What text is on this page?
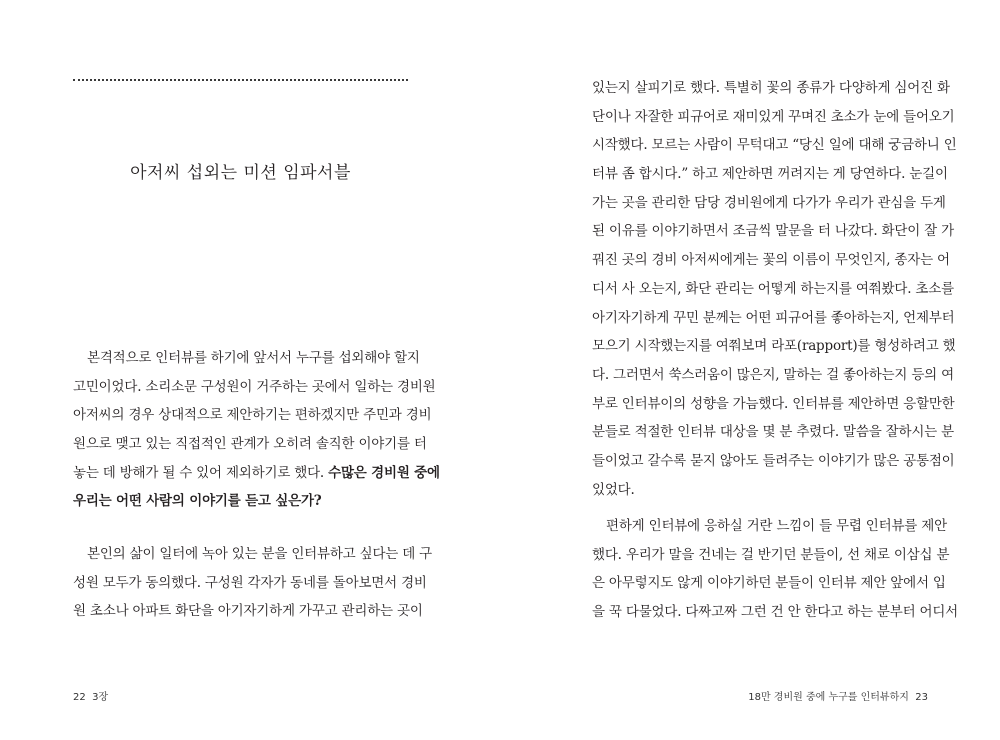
아저씨 섭외는 미션 임파서블
본격적으로 인터뷰를 하기에 앞서서 누구를 섭외해야 할지
고민이었다. 소리소문 구성원이 거주하는 곳에서 일하는 경비원
아저씨의 경우 상대적으로 제안하기는 편하겠지만 주민과 경비
원으로 맺고 있는 직접적인 관계가 오히려 솔직한 이야기를 터
놓는 데 방해가 될 수 있어 제외하기로 했다. 수많은 경비원 중에
우리는 어떤 사람의 이야기를 듣고 싶은가?
본인의 삶이 일터에 녹아 있는 분을 인터뷰하고 싶다는 데 구
성원 모두가 동의했다. 구성원 각자가 동네를 돌아보면서 경비
원 초소나 아파트 화단을 아기자기하게 가꾸고 관리하는 곳이
22 3장
있는지 살피기로 했다. 특별히 꽃의 종류가 다양하게 심어진 화
단이나 자잘한 피규어로 재미있게 꾸며진 초소가 눈에 들어오기
시작했다. 모르는 사람이 무턱대고 “당신 일에 대해 궁금하니 인
터뷰 좀 합시다.” 하고 제안하면 꺼려지는 게 당연하다. 눈길이
가는 곳을 관리한 담당 경비원에게 다가가 우리가 관심을 두게
된 이유를 이야기하면서 조금씩 말문을 터 나갔다. 화단이 잘 가
꿔진 곳의 경비 아저씨에게는 꽃의 이름이 무엇인지, 종자는 어
디서 사 오는지, 화단 관리는 어떻게 하는지를 여쭤봤다. 초소를
아기자기하게 꾸민 분께는 어떤 피규어를 좋아하는지, 언제부터
모으기 시작했는지를 여쭤보며 라포(rapport)를 형성하려고 했
다. 그러면서 쑥스러움이 많은지, 말하는 걸 좋아하는지 등의 여
부로 인터뷰이의 성향을 가늠했다. 인터뷰를 제안하면 응할만한
분들로 적절한 인터뷰 대상을 몇 분 추렸다. 말씀을 잘하시는 분
들이었고 갈수록 묻지 않아도 들려주는 이야기가 많은 공통점이
있었다.
편하게 인터뷰에 응하실 거란 느낌이 들 무렵 인터뷰를 제안
했다. 우리가 말을 건네는 걸 반기던 분들이, 선 채로 이삼십 분
은 아무렇지도 않게 이야기하던 분들이 인터뷰 제안 앞에서 입
을 꾹 다물었다. 다짜고짜 그런 건 안 한다고 하는 분부터 어디서
18만 경비원 중에 누구를 인터뷰하지 23
